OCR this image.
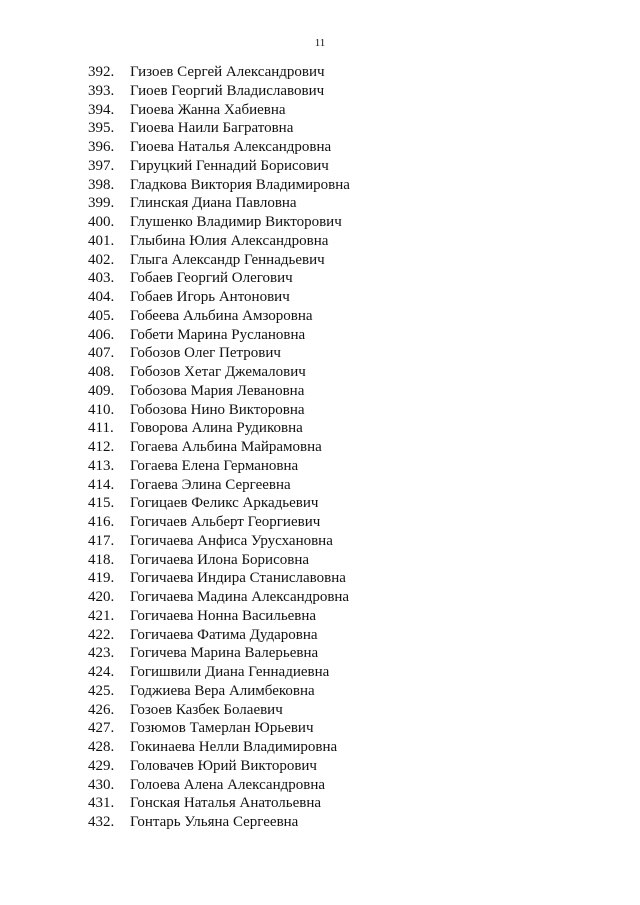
11
392.	Гизоев Сергей Александрович
393.	Гиоев Георгий Владиславович
394.	Гиоева Жанна Хабиевна
395.	Гиоева Наили Багратовна
396.	Гиоева Наталья Александровна
397.	Гируцкий Геннадий Борисович
398.	Гладкова Виктория Владимировна
399.	Глинская Диана Павловна
400.	Глушенко Владимир Викторович
401.	Глыбина Юлия Александровна
402.	Глыга Александр Геннадьевич
403.	Гобаев Георгий Олегович
404.	Гобаев Игорь Антонович
405.	Гобеева Альбина Амзоровна
406.	Гобети Марина Руслановна
407.	Гобозов Олег Петрович
408.	Гобозов Хетаг Джемалович
409.	Гобозова Мария Левановна
410.	Гобозова Нино Викторовна
411.	Говорова Алина Рудиковна
412.	Гогаева Альбина Майрамовна
413.	Гогаева Елена Германовна
414.	Гогаева Элина Сергеевна
415.	Гогицаев Феликс Аркадьевич
416.	Гогичаев Альберт Георгиевич
417.	Гогичаева Анфиса Урусхановна
418.	Гогичаева Илона Борисовна
419.	Гогичаева Индира Станиславовна
420.	Гогичаева Мадина Александровна
421.	Гогичаева Нонна Васильевна
422.	Гогичаева Фатима Дударовна
423.	Гогичева Марина Валерьевна
424.	Гогишвили Диана Геннадиевна
425.	Годжиева Вера Алимбековна
426.	Гозоев Казбек Болаевич
427.	Гозюмов Тамерлан Юрьевич
428.	Гокинаева Нелли Владимировна
429.	Головачев Юрий Викторович
430.	Голоева Алена Александровна
431.	Гонская Наталья Анатольевна
432.	Гонтарь Ульяна Сергеевна
